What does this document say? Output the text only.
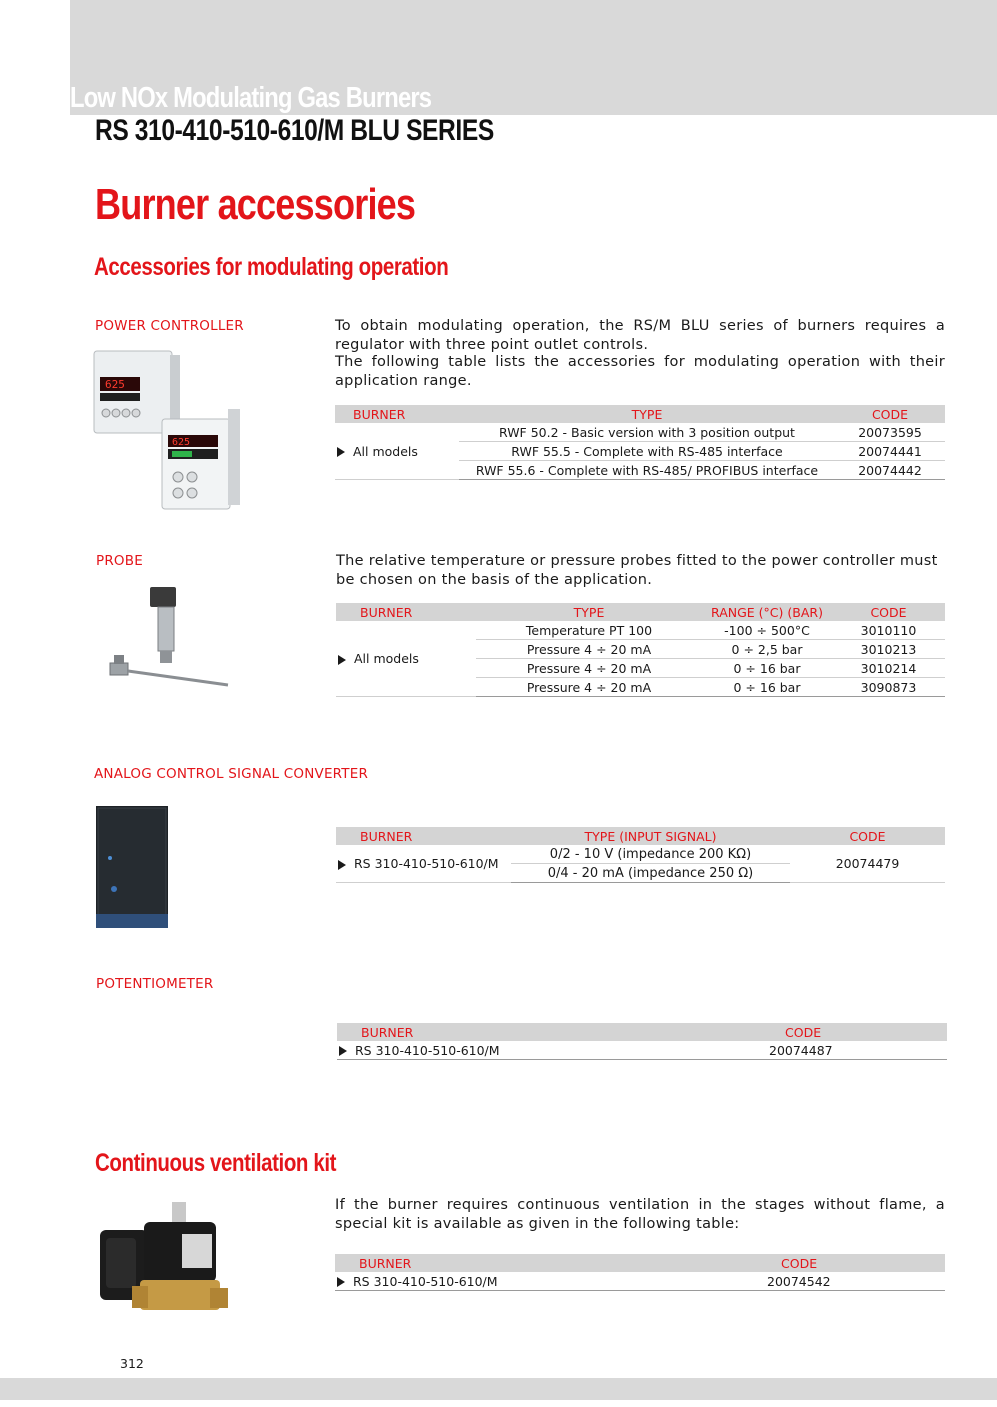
Low NOx Modulating Gas Burners
RS 310-410-510-610/M BLU SERIES
Burner accessories
Accessories for modulating operation
POWER CONTROLLER
625
625
To obtain modulating operation, the RS/M BLU series of burners requires a regulator with three point outlet controls.
The following table lists the accessories for modulating operation with their application range.
BURNER	TYPE	CODE
All models	RWF 50.2 - Basic version with 3 position output	20073595
	RWF 55.5 - Complete with RS-485 interface	20074441
	RWF 55.6 - Complete with RS-485/ PROFIBUS interface	20074442
PROBE	The relative temperature or pressure probes fitted to the power controller must be chosen on the basis of the application.
BURNER	TYPE	RANGE (°C) (BAR)	CODE
All models	Temperature PT 100	-100 ÷ 500°C	3010110
	Pressure 4 ÷ 20 mA	0 ÷ 2,5 bar	3010213
	Pressure 4 ÷ 20 mA	0 ÷ 16 bar	3010214
	Pressure 4 ÷ 20 mA	0 ÷ 16 bar	3090873
ANALOG CONTROL SIGNAL CONVERTER
BURNER	TYPE (INPUT SIGNAL)	CODE
RS 310-410-510-610/M	0/2 - 10 V (impedance 200 KΩ)	20074479
	0/4 - 20 mA (impedance 250 Ω)	
POTENTIOMETER
BURNER	CODE
RS 310-410-510-610/M	20074487
Continuous ventilation kit
If the burner requires continuous ventilation in the stages without flame, a special kit is available as given in the following table:
BURNER	CODE
RS 310-410-510-610/M	20074542
312
